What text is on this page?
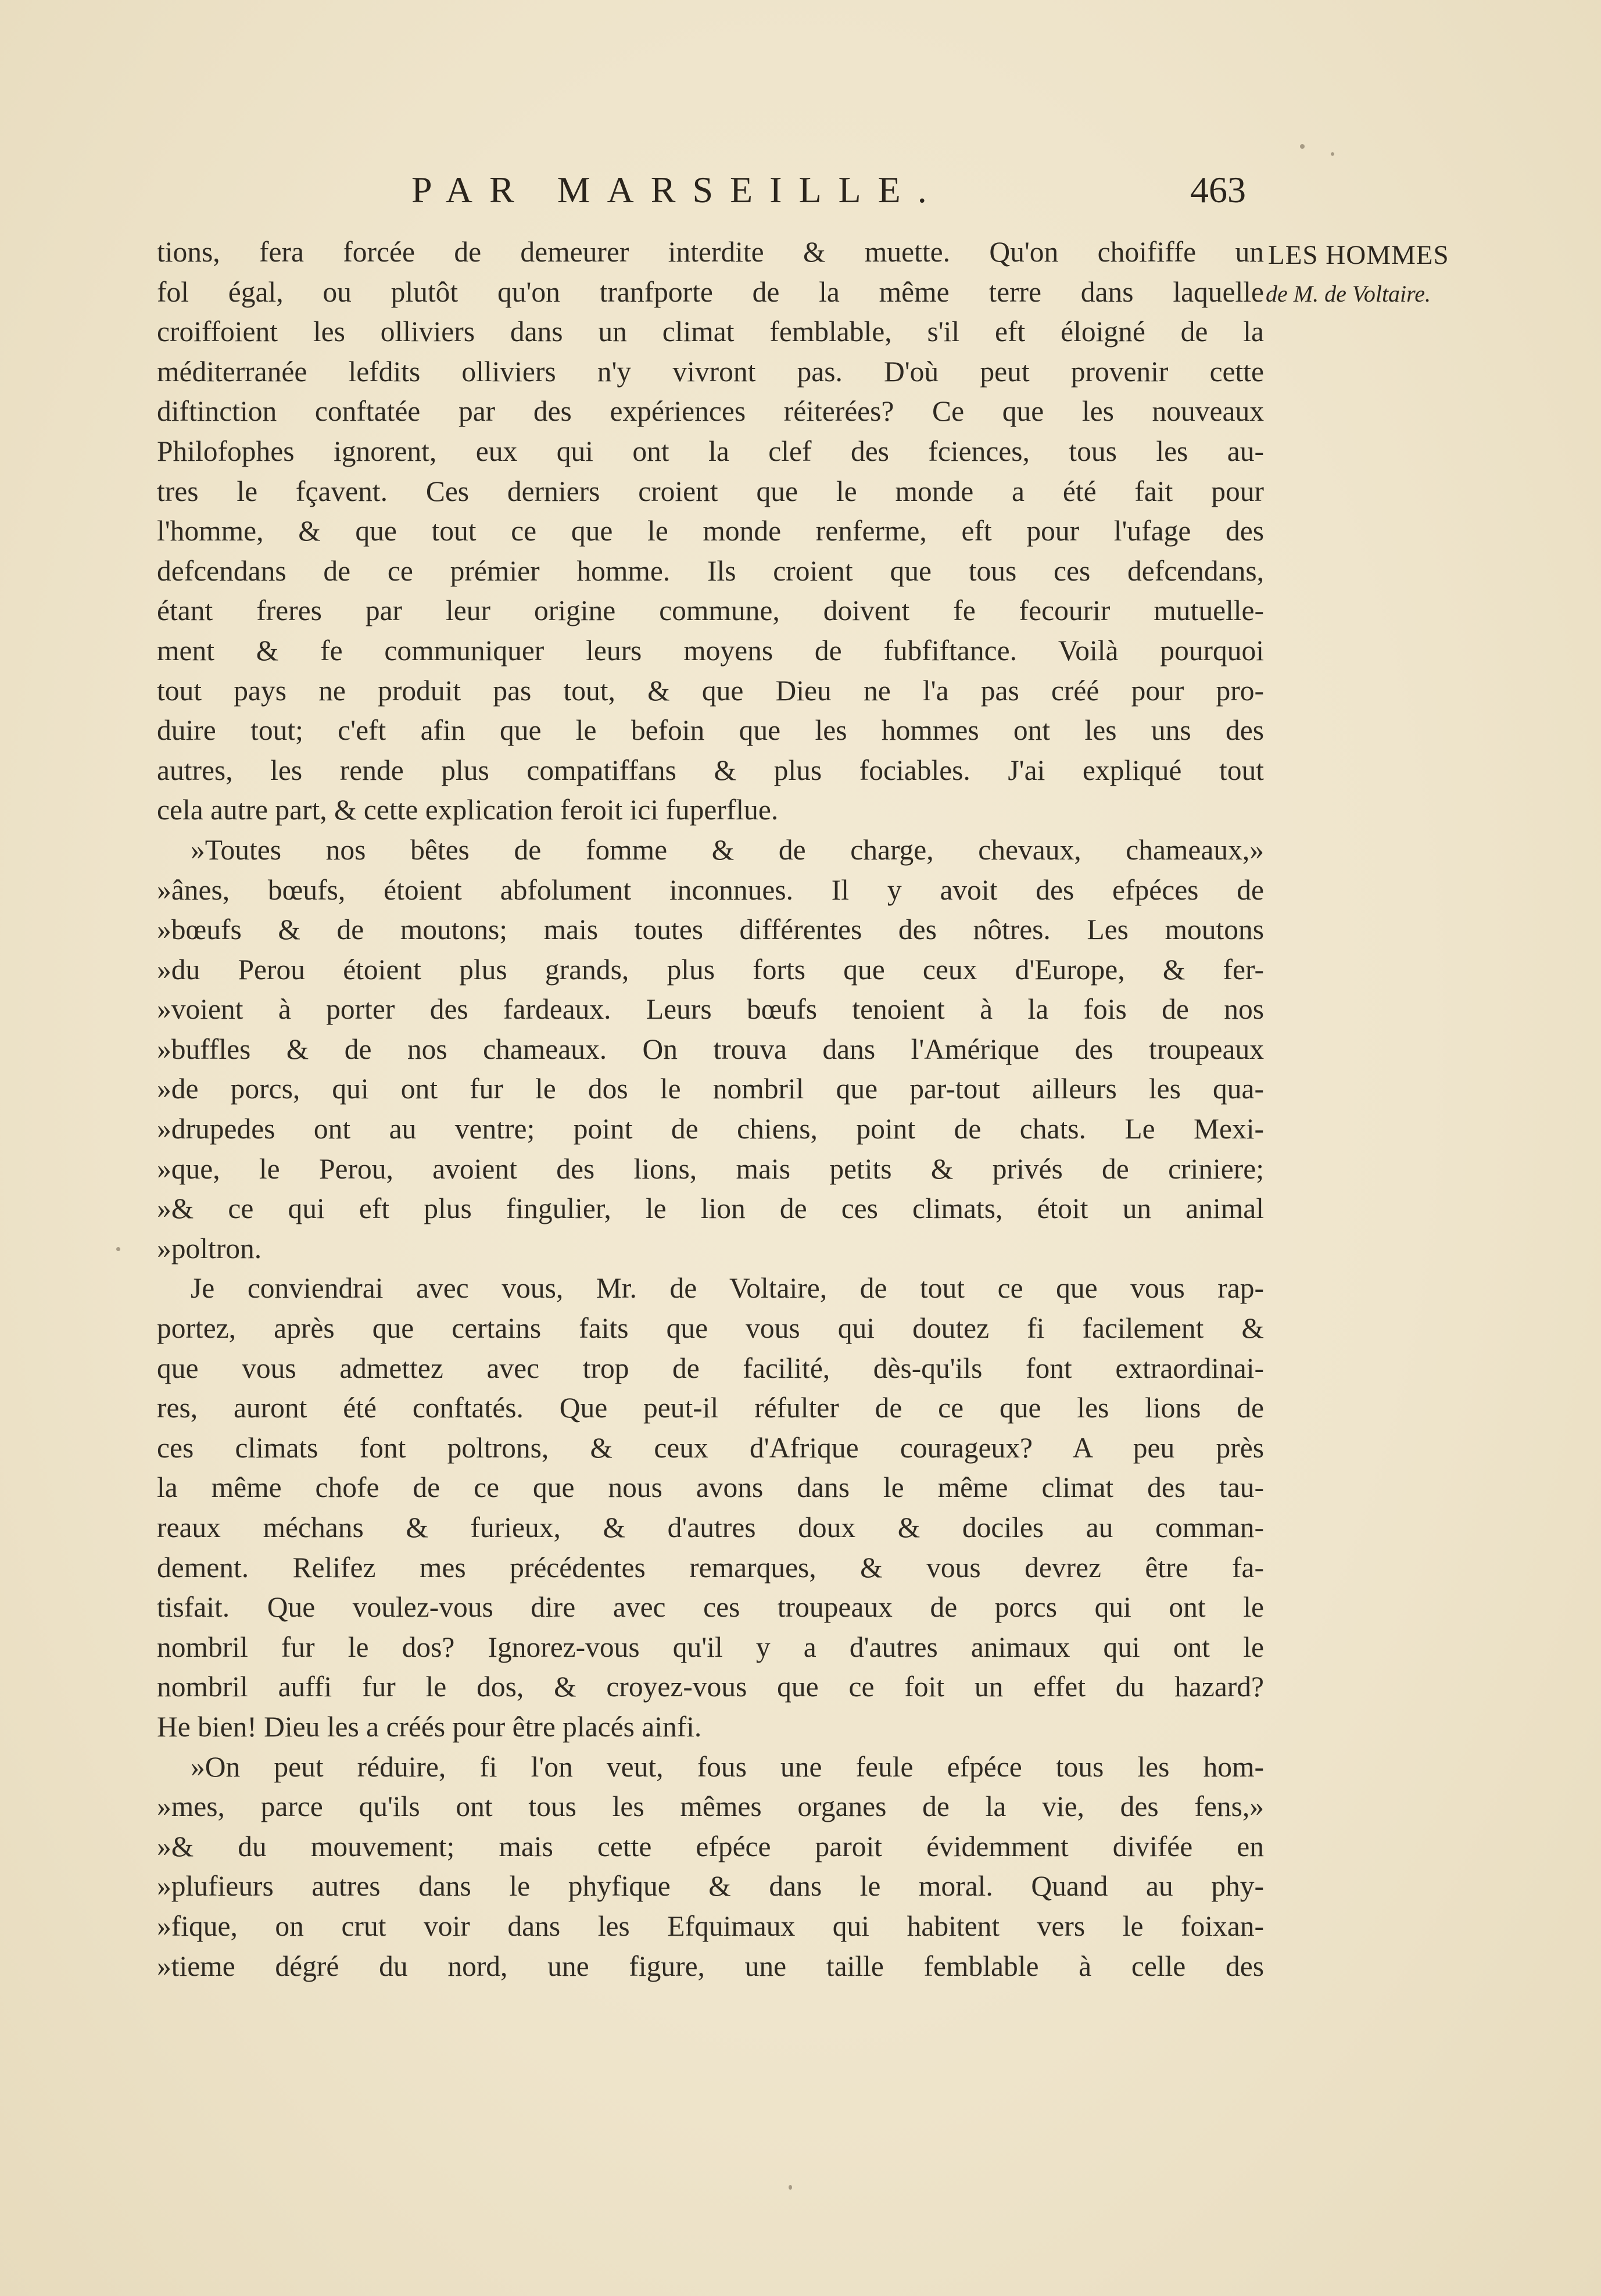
PAR MARSEILLE.	463
LES HOMMES
de M. de Voltaire.
tions, fera forcée de demeurer interdite & muette. Qu'on choififfe un
fol égal, ou plutôt qu'on tranfporte de la même terre dans laquelle
croiffoient les olliviers dans un climat femblable, s'il eft éloigné de la
méditerranée lefdits olliviers n'y vivront pas. D'où peut provenir cette
diftinction conftatée par des expériences réiterées? Ce que les nouveaux
Philofophes ignorent, eux qui ont la clef des fciences, tous les au-
tres le fçavent. Ces derniers croient que le monde a été fait pour
l'homme, & que tout ce que le monde renferme, eft pour l'ufage des
defcendans de ce prémier homme. Ils croient que tous ces defcendans,
étant freres par leur origine commune, doivent fe fecourir mutuelle-
ment & fe communiquer leurs moyens de fubfiftance. Voilà pourquoi
tout pays ne produit pas tout, & que Dieu ne l'a pas créé pour pro-
duire tout; c'eft afin que le befoin que les hommes ont les uns des
autres, les rende plus compatiffans & plus fociables. J'ai expliqué tout
cela autre part, & cette explication feroit ici fuperflue.
»Toutes nos bêtes de fomme & de charge, chevaux, chameaux,»
»ânes, bœufs, étoient abfolument inconnues. Il y avoit des efpéces de
»bœufs & de moutons; mais toutes différentes des nôtres. Les moutons
»du Perou étoient plus grands, plus forts que ceux d'Europe, & fer-
»voient à porter des fardeaux. Leurs bœufs tenoient à la fois de nos
»buffles & de nos chameaux. On trouva dans l'Amérique des troupeaux
»de porcs, qui ont fur le dos le nombril que par-tout ailleurs les qua-
»drupedes ont au ventre; point de chiens, point de chats. Le Mexi-
»que, le Perou, avoient des lions, mais petits & privés de criniere;
»& ce qui eft plus fingulier, le lion de ces climats, étoit un animal
»poltron.
Je conviendrai avec vous, Mr. de Voltaire, de tout ce que vous rap-
portez, après que certains faits que vous qui doutez fi facilement &
que vous admettez avec trop de facilité, dès-qu'ils font extraordinai-
res, auront été conftatés. Que peut-il réfulter de ce que les lions de
ces climats font poltrons, & ceux d'Afrique courageux? A peu près
la même chofe de ce que nous avons dans le même climat des tau-
reaux méchans & furieux, & d'autres doux & dociles au comman-
dement. Relifez mes précédentes remarques, & vous devrez être fa-
tisfait. Que voulez-vous dire avec ces troupeaux de porcs qui ont le
nombril fur le dos? Ignorez-vous qu'il y a d'autres animaux qui ont le
nombril auffi fur le dos, & croyez-vous que ce foit un effet du hazard?
He bien! Dieu les a créés pour être placés ainfi.
»On peut réduire, fi l'on veut, fous une feule efpéce tous les hom-
»mes, parce qu'ils ont tous les mêmes organes de la vie, des fens,»
»& du mouvement; mais cette efpéce paroit évidemment divifée en
»plufieurs autres dans le phyfique & dans le moral. Quand au phy-
»fique, on crut voir dans les Efquimaux qui habitent vers le foixan-
»tieme dégré du nord, une figure, une taille femblable à celle des
